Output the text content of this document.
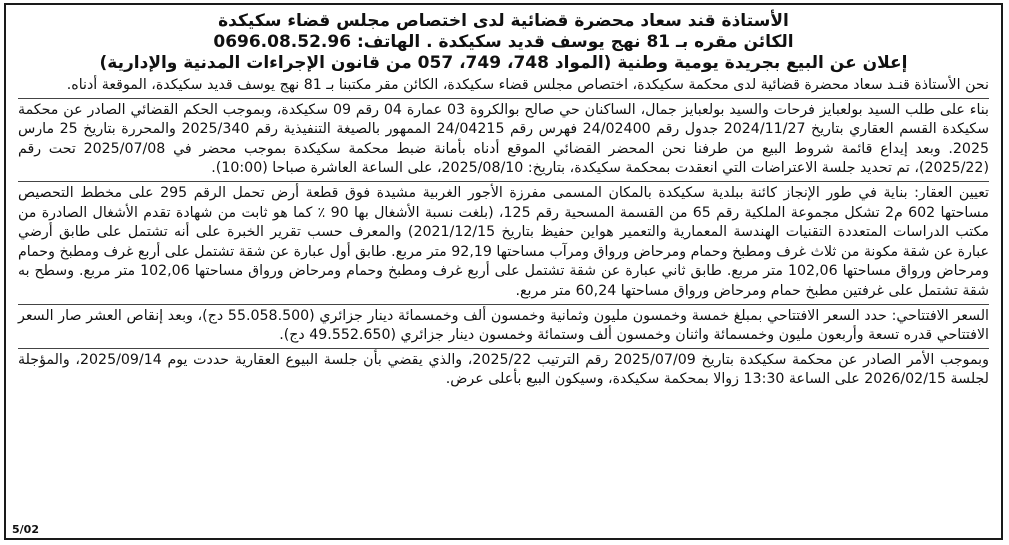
الأستاذة قند سعاد محضرة قضائية لدى اختصاص مجلس قضاء سكيكدة
الكائن مقره بـ 81 نهج يوسف قديد سكيكدة . الهاتف: 0696.08.52.96
إعلان عن البيع بجريدة يومية وطنية (المواد 748، 749، 057 من قانون الإجراءات المدنية والإدارية)

نحن الأستاذة قنـد سعاد محضرة قضائية لدى محكمة سكيكدة، اختصاص مجلس قضاء سكيكدة، الكائن مقر مكتبنا بـ 81 نهج يوسف قديد سكيكدة، الموقعة أدناه.

بناء على طلب السيد بولعبايز فرحات والسيد بولعبايز جمال، الساكنان حي صالح بوالكروة 03 عمارة 04 رقم 09 سكيكدة، وبموجب الحكم القضائي الصادر عن محكمة سكيكدة القسم العقاري بتاريخ 2024/11/27 جدول رقم 24/02400 فهرس رقم 24/04215 الممهور بالصيغة التنفيذية رقم 2025/340 والمحررة بتاريخ 25 مارس 2025. وبعد إيداع قائمة شروط البيع من طرفنا نحن المحضر القضائي الموقع أدناه بأمانة ضبط محكمة سكيكدة بموجب محضر في 2025/07/08 تحت رقم (2025/22)، تم تحديد جلسة الاعتراضات التي انعقدت بمحكمة سكيكدة، بتاريخ: 2025/08/10، على الساعة العاشرة صباحا (10:00).

تعيين العقار: بناية في طور الإنجاز كائنة ببلدية سكيكدة بالمكان المسمى مفرزة الأجور الغربية مشيدة فوق قطعة أرض تحمل الرقم 295 على مخطط التحصيص مساحتها 602 م2 تشكل مجموعة الملكية رقم 65 من القسمة المسحية رقم 125، (بلغت نسبة الأشغال بها 90 ٪ كما هو ثابت من شهادة تقدم الأشغال الصادرة من مكتب الدراسات المتعددة التقنيات الهندسة المعمارية والتعمير هواين حفيظ بتاريخ 2021/12/15) والمعرف حسب تقرير الخبرة على أنه تشتمل على طابق أرضي عبارة عن شقة مكونة من ثلاث غرف ومطبخ وحمام ومرحاض ورواق ومرآب مساحتها 92,19 متر مربع. طابق أول عبارة عن شقة تشتمل على أربع غرف ومطبخ وحمام ومرحاض ورواق مساحتها 102,06 متر مربع. طابق ثاني عبارة عن شقة تشتمل على أربع غرف ومطبخ وحمام ومرحاض ورواق مساحتها 102,06 متر مربع. وسطح به شقة تشتمل على غرفتين مطبخ حمام ومرحاض ورواق مساحتها 60,24 متر مربع.

السعر الافتتاحي: حدد السعر الافتتاحي بمبلغ خمسة وخمسون مليون وثمانية وخمسون ألف وخمسمائة دينار جزائري (55.058.500 دج)، وبعد إنقاص العشر صار السعر الافتتاحي قدره تسعة وأربعون مليون وخمسمائة واثنان وخمسون ألف وستمائة وخمسون دينار جزائري (49.552.650 دج).

وبموجب الأمر الصادر عن محكمة سكيكدة بتاريخ 2025/07/09 رقم الترتيب 2025/22، والذي يقضي بأن جلسة البيوع العقارية حددت يوم 2025/09/14، والمؤجلة لجلسة 2026/02/15 على الساعة 13:30 زوالا بمحكمة سكيكدة، وسيكون البيع بأعلى عرض.

5/02
